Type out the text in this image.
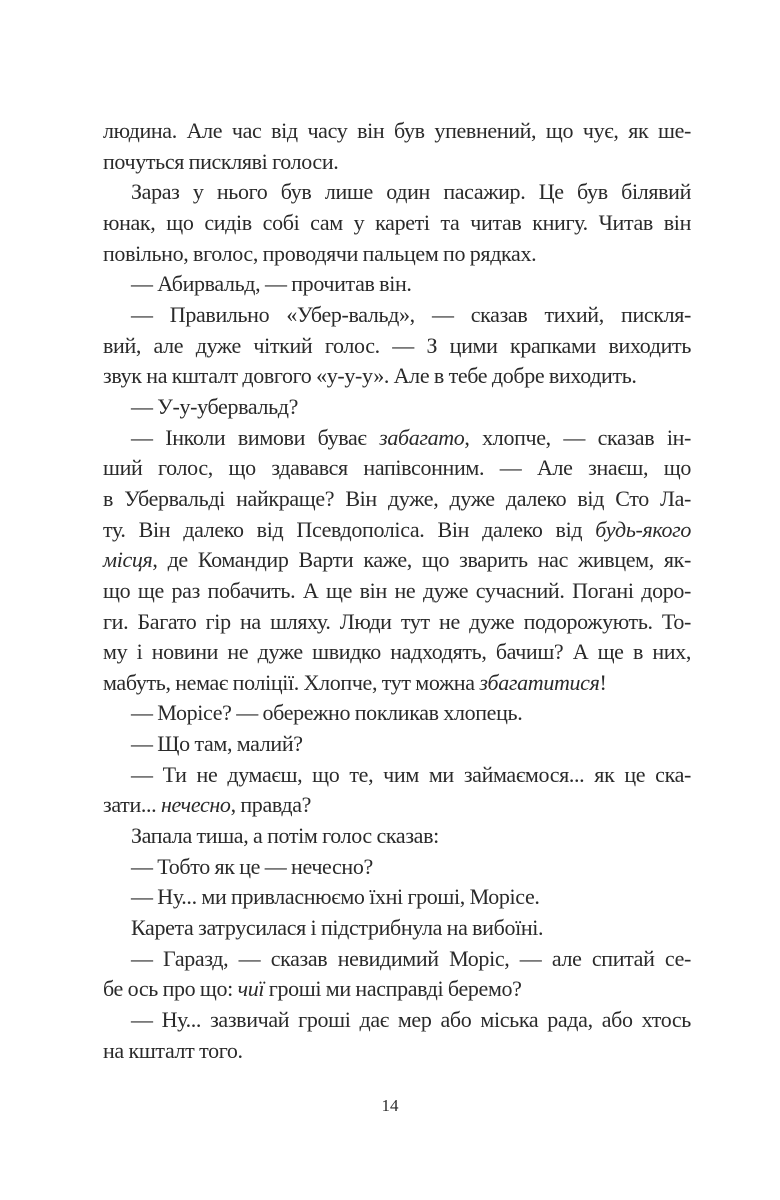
людина. Але час від часу він був упевнений, що чує, як ше-
почуться пискляві голоси.
Зараз у нього був лише один пасажир. Це був білявий
юнак, що сидів собі сам у кареті та читав книгу. Читав він
повільно, вголос, проводячи пальцем по рядках.
— Абирвальд, — прочитав він.
— Правильно «Убер-вальд», — сказав тихий, пискля-
вий, але дуже чіткий голос. — З цими крапками виходить
звук на кшталт довгого «у-у-у». Але в тебе добре виходить.
— У-у-убервальд?
— Інколи вимови буває забагато, хлопче, — сказав ін-
ший голос, що здавався напівсонним. — Але знаєш, що
в Убервальді найкраще? Він дуже, дуже далеко від Сто Ла-
ту. Він далеко від Псевдополіса. Він далеко від будь-якого
місця, де Командир Варти каже, що зварить нас живцем, як-
що ще раз побачить. А ще він не дуже сучасний. Погані доро-
ги. Багато гір на шляху. Люди тут не дуже подорожують. То-
му і новини не дуже швидко надходять, бачиш? А ще в них,
мабуть, немає поліції. Хлопче, тут можна збагатитися!
— Морісе? — обережно покликав хлопець.
— Що там, малий?
— Ти не думаєш, що те, чим ми займаємося... як це ска-
зати... нечесно, правда?
Запала тиша, а потім голос сказав:
— Тобто як це — нечесно?
— Ну... ми привласнюємо їхні гроші, Морісе.
Карета затрусилася і підстрибнула на вибоїні.
— Гаразд, — сказав невидимий Моріс, — але спитай се-
бе ось про що: чиї гроші ми насправді беремо?
— Ну... зазвичай гроші дає мер або міська рада, або хтось
на кшталт того.
14
